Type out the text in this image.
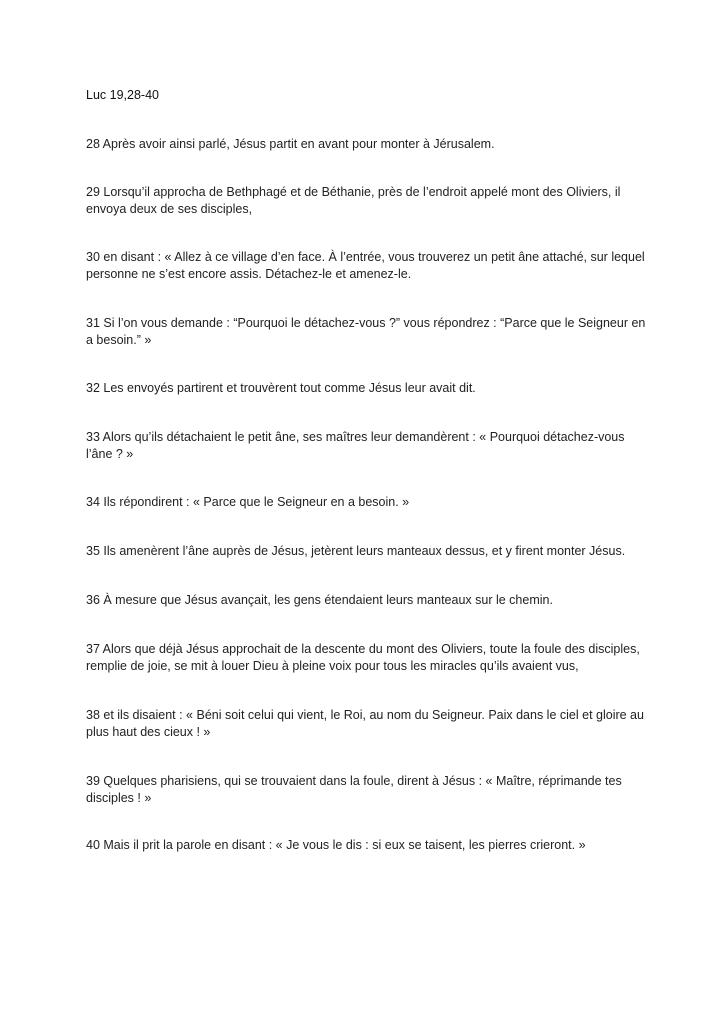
Luc 19,28-40

28 Après avoir ainsi parlé, Jésus partit en avant pour monter à Jérusalem.

29 Lorsqu’il approcha de Bethphagé et de Béthanie, près de l’endroit appelé mont des Oliviers, il envoya deux de ses disciples,

30 en disant : « Allez à ce village d’en face. À l’entrée, vous trouverez un petit âne attaché, sur lequel personne ne s’est encore assis. Détachez-le et amenez-le.

31 Si l’on vous demande : “Pourquoi le détachez-vous ?” vous répondrez : “Parce que le Seigneur en a besoin.” »

32 Les envoyés partirent et trouvèrent tout comme Jésus leur avait dit.

33 Alors qu’ils détachaient le petit âne, ses maîtres leur demandèrent : « Pourquoi détachez-vous l’âne ? »

34 Ils répondirent : « Parce que le Seigneur en a besoin. »

35 Ils amenèrent l’âne auprès de Jésus, jetèrent leurs manteaux dessus, et y firent monter Jésus.

36 À mesure que Jésus avançait, les gens étendaient leurs manteaux sur le chemin.

37 Alors que déjà Jésus approchait de la descente du mont des Oliviers, toute la foule des disciples, remplie de joie, se mit à louer Dieu à pleine voix pour tous les miracles qu’ils avaient vus,

38 et ils disaient : « Béni soit celui qui vient, le Roi, au nom du Seigneur. Paix dans le ciel et gloire au plus haut des cieux ! »

39 Quelques pharisiens, qui se trouvaient dans la foule, dirent à Jésus : « Maître, réprimande tes disciples ! »

40 Mais il prit la parole en disant : « Je vous le dis : si eux se taisent, les pierres crieront. »
